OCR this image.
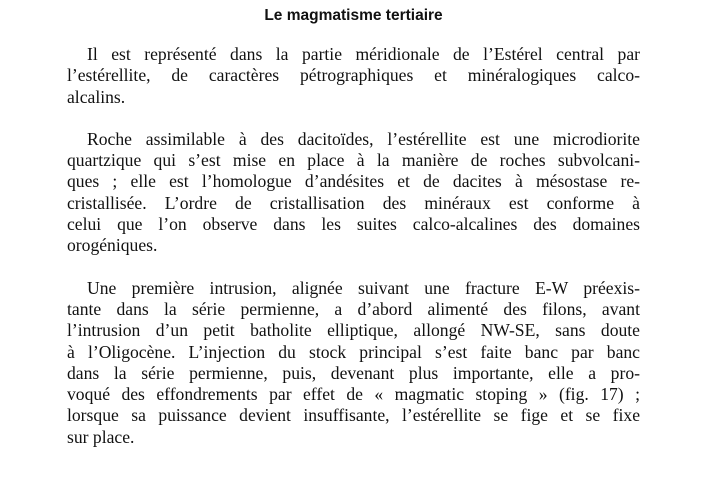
Le magmatisme tertiaire

Il est représenté dans la partie méridionale de l’Estérel central par
l’estérellite, de caractères pétrographiques et minéralogiques calco-
alcalins.

Roche assimilable à des dacitoïdes, l’estérellite est une microdiorite
quartzique qui s’est mise en place à la manière de roches subvolcani-
ques ; elle est l’homologue d’andésites et de dacites à mésostase re-
cristallisée. L’ordre de cristallisation des minéraux est conforme à
celui que l’on observe dans les suites calco-alcalines des domaines
orogéniques.

Une première intrusion, alignée suivant une fracture E-W préexis-
tante dans la série permienne, a d’abord alimenté des filons, avant
l’intrusion d’un petit batholite elliptique, allongé NW-SE, sans doute
à l’Oligocène. L’injection du stock principal s’est faite banc par banc
dans la série permienne, puis, devenant plus importante, elle a pro-
voqué des effondrements par effet de « magmatic stoping » (fig. 17) ;
lorsque sa puissance devient insuffisante, l’estérellite se fige et se fixe
sur place.
